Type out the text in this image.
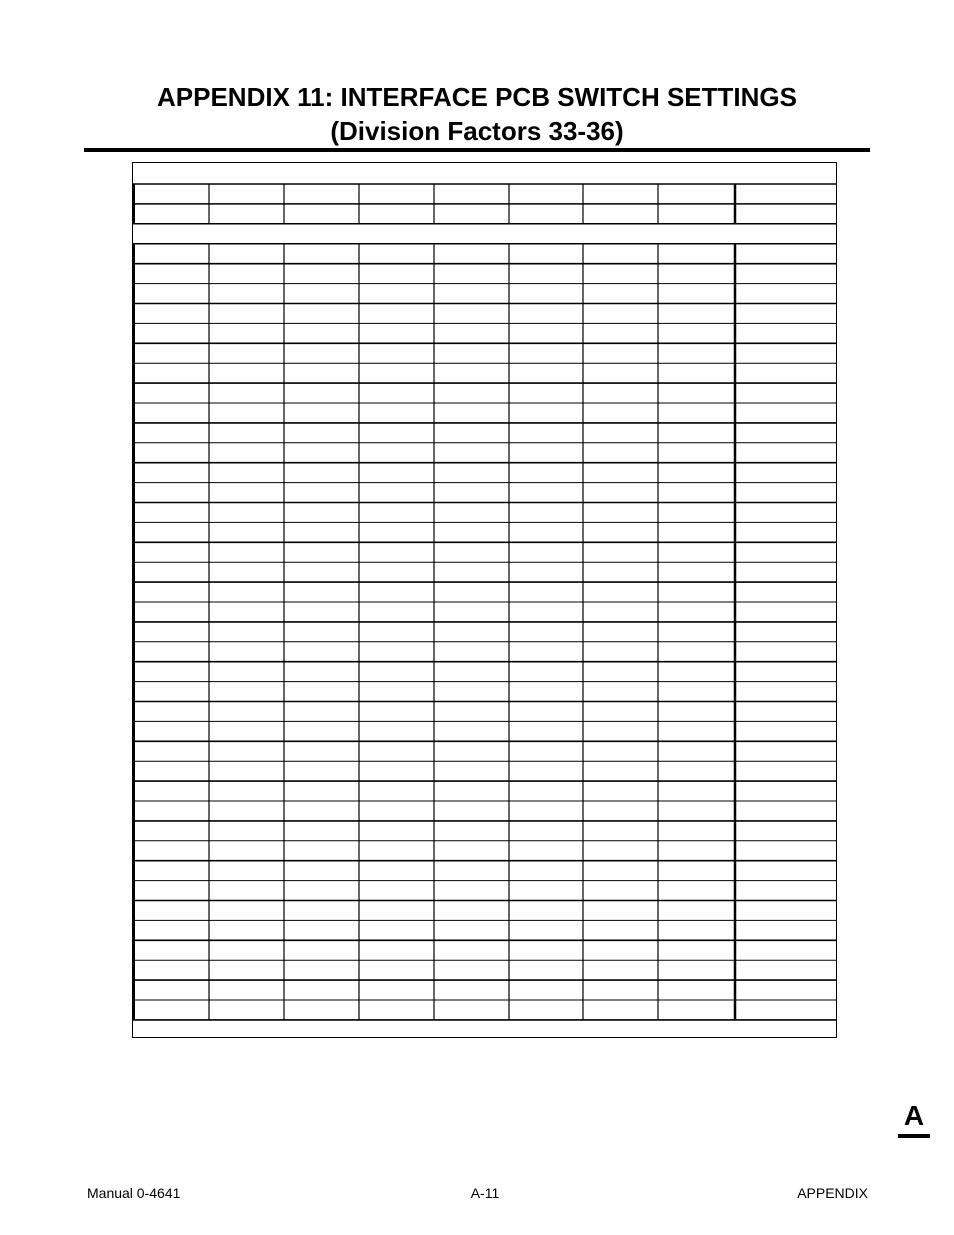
APPENDIX 11: INTERFACE PCB SWITCH SETTINGS
(Division Factors 33-36)
A
Manual 0-4641	A-11	APPENDIX
